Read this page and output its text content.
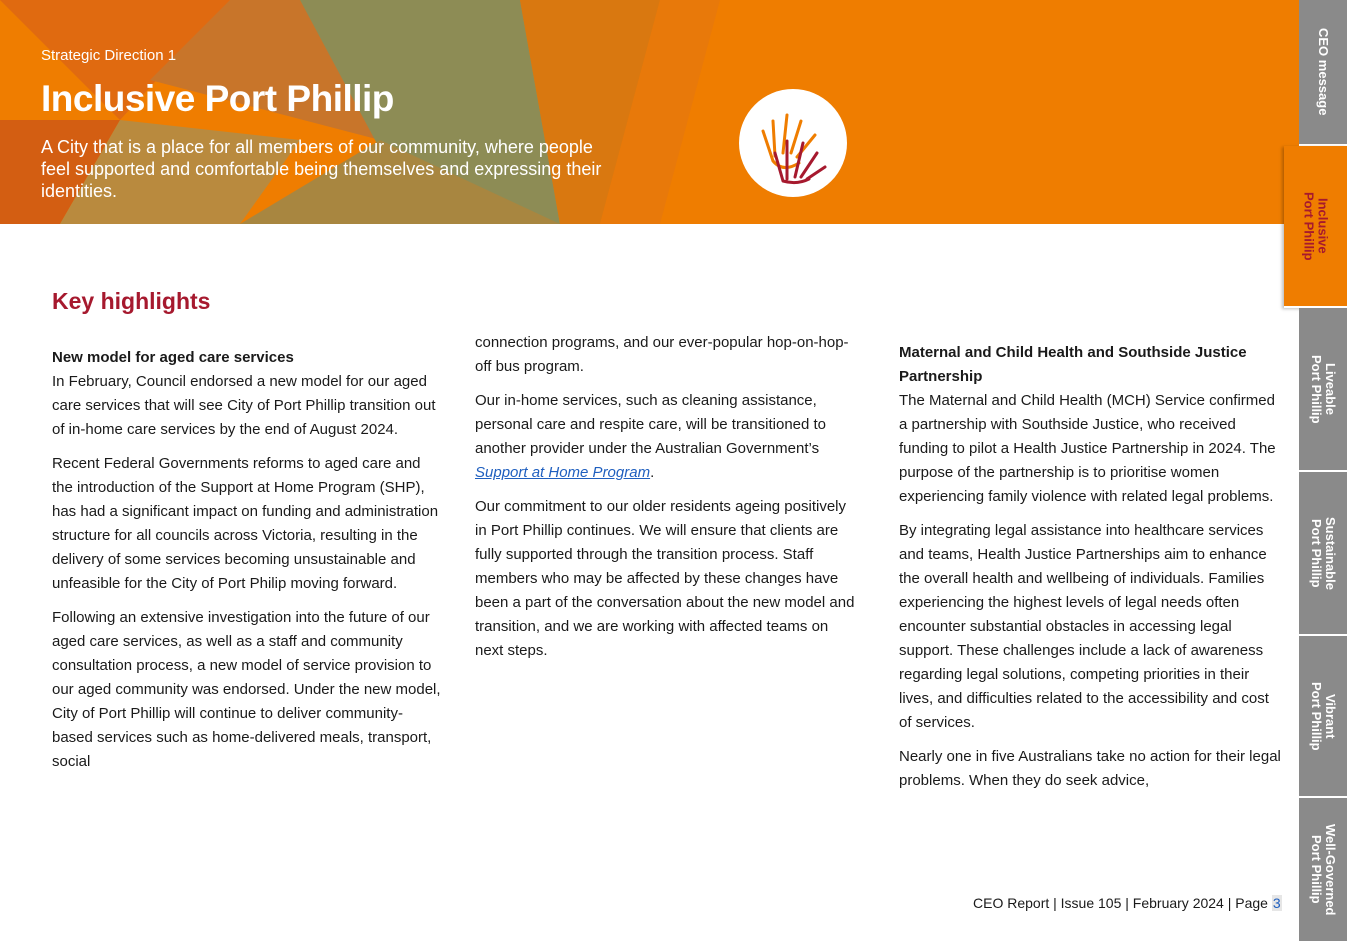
Strategic Direction 1
Inclusive Port Phillip

A City that is a place for all members of our community, where people feel supported and comfortable being themselves and expressing their identities.

CEO message
Inclusive
Port Phillip
Liveable
Port Phillip
Sustainable
Port Phillip
Vibrant
Port Phillip
Well-Governed
Port Phillip
Key highlights
New model for aged care services

In February, Council endorsed a new model for our aged care services that will see City of Port Phillip transition out of in-home care services by the end of August 2024.

Recent Federal Governments reforms to aged care and the introduction of the Support at Home Program (SHP), has had a significant impact on funding and administration structure for all councils across Victoria, resulting in the delivery of some services becoming unsustainable and unfeasible for the City of Port Philip moving forward.

Following an extensive investigation into the future of our aged care services, as well as a staff and community consultation process, a new model of service provision to our aged community was endorsed. Under the new model, City of Port Phillip will continue to deliver community-based services such as home-delivered meals, transport, social

connection programs, and our ever-popular hop-on-hop-off bus program.

Our in-home services, such as cleaning assistance, personal care and respite care, will be transitioned to another provider under the Australian Government’s Support at Home Program.

Our commitment to our older residents ageing positively in Port Phillip continues. We will ensure that clients are fully supported through the transition process. Staff members who may be affected by these changes have been a part of the conversation about the new model and transition, and we are working with affected teams on next steps.

Maternal and Child Health and Southside Justice Partnership

The Maternal and Child Health (MCH) Service confirmed a partnership with Southside Justice, who received funding to pilot a Health Justice Partnership in 2024. The purpose of the partnership is to prioritise women experiencing family violence with related legal problems.

By integrating legal assistance into healthcare services and teams, Health Justice Partnerships aim to enhance the overall health and wellbeing of individuals. Families experiencing the highest levels of legal needs often encounter substantial obstacles in accessing legal support. These challenges include a lack of awareness regarding legal solutions, competing priorities in their lives, and difficulties related to the accessibility and cost of services.

Nearly one in five Australians take no action for their legal problems. When they do seek advice,

CEO Report | Issue 105 | February 2024 | Page 3
